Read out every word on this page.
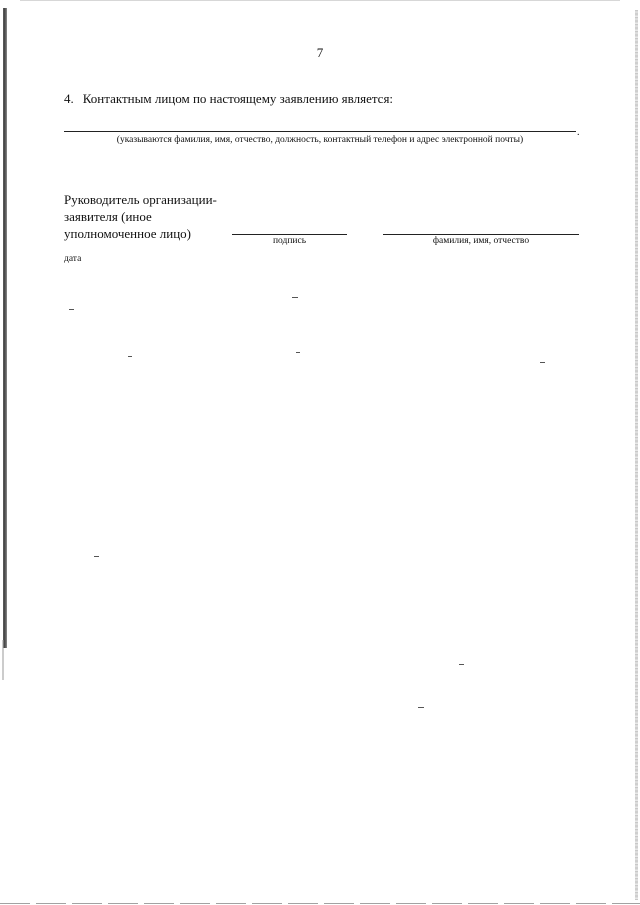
7
4. Контактным лицом по настоящему заявлению является:
.
(указываются фамилия, имя, отчество, должность, контактный телефон и адрес электронной почты)
Руководитель организации-
заявителя (иное
уполномоченное лицо)	подпись	фамилия, имя, отчество
дата
